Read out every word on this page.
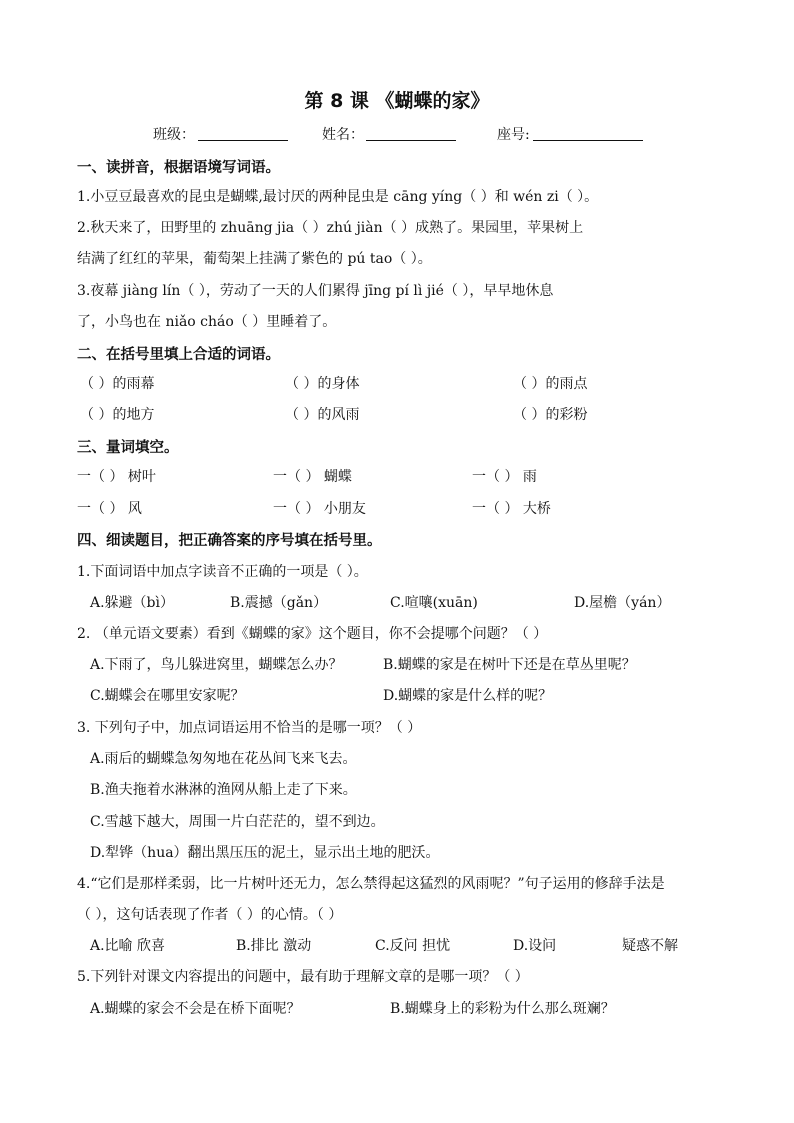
第 8 课 《蝴蝶的家》
班级：	姓名：	座号:
一、读拼音，根据语境写词语。
1.小豆豆最喜欢的昆虫是蝴蝶,最讨厌的两种昆虫是 cāng yíng（ ）和 wén zi（ ）。
2.秋天来了，田野里的 zhuāng jia（ ）zhú jiàn（ ）成熟了。果园里，苹果树上
结满了红红的苹果，葡萄架上挂满了紫色的 pú tao（ ）。
3.夜幕 jiàng lín（ ），劳动了一天的人们累得 jīng pí lì jié（ ），早早地休息
了，小鸟也在 niǎo cháo（ ）里睡着了。
二、在括号里填上合适的词语。
（ ）的雨幕	（ ）的身体	（ ）的雨点
（ ）的地方	（ ）的风雨	（ ）的彩粉
三、量词填空。
一（ ） 树叶	一（ ） 蝴蝶	一（ ） 雨
一（ ） 风	一（ ） 小朋友	一（ ） 大桥
四、细读题目，把正确答案的序号填在括号里。
1.下面词语中加点字读音不正确的一项是（ ）。
A.躲避（bì）	B.震撼（gǎn）	C.喧嚷(xuān)	D.屋檐（yán）
2. （单元语文要素）看到《蝴蝶的家》这个题目，你不会提哪个问题？（ ）
A.下雨了，鸟儿躲进窝里，蝴蝶怎么办？	B.蝴蝶的家是在树叶下还是在草丛里呢？
C.蝴蝶会在哪里安家呢？	D.蝴蝶的家是什么样的呢？
3. 下列句子中，加点词语运用不恰当的是哪一项？（ ）
A.雨后的蝴蝶急匆匆地在花丛间飞来飞去。
B.渔夫拖着水淋淋的渔网从船上走了下来。
C.雪越下越大，周围一片白茫茫的，望不到边。
D.犁铧（hua）翻出黑压压的泥土，显示出土地的肥沃。
4.“它们是那样柔弱，比一片树叶还无力，怎么禁得起这猛烈的风雨呢？”句子运用的修辞手法是
（ ），这句话表现了作者（ ）的心情。（ ）
A.比喻 欣喜	B.排比 激动	C.反问 担忧	D.设问	疑惑不解
5.下列针对课文内容提出的问题中，最有助于理解文章的是哪一项？（ ）
A.蝴蝶的家会不会是在桥下面呢？	B.蝴蝶身上的彩粉为什么那么斑斓？
